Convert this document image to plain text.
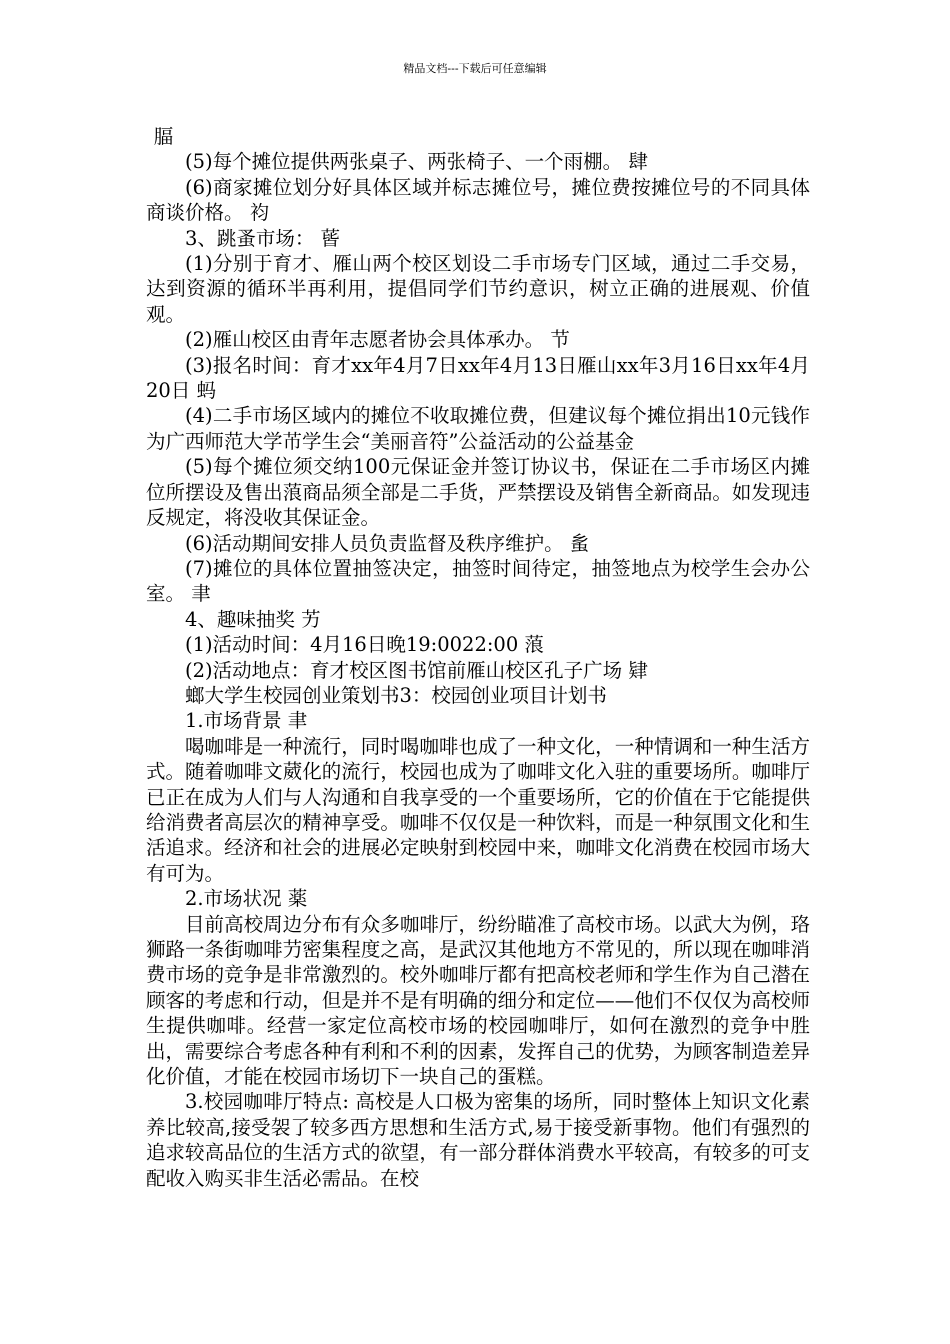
精品文档---下载后可任意编辑

腷

(5)每个摊位提供两张桌子、两张椅子、一个雨棚。 肆

(6)商家摊位划分好具体区域并标志摊位号，摊位费按摊位号的不同具体商谈价格。 袀

3、跳蚤市场： 蒈

(1)分别于育才、雁山两个校区划设二手市场专门区域，通过二手交易，达到资源的循环半再利用，提倡同学们节约意识，树立正确的进展观、价值观。

(2)雁山校区由青年志愿者协会具体承办。 节

(3)报名时间：育才xx年4月7日xx年4月13日雁山xx年3月16日xx年4月20日 蚂

(4)二手市场区域内的摊位不收取摊位费，但建议每个摊位捐出10元钱作为广西师范大学芇学生会“美丽音符”公益活动的公益基金

(5)每个摊位须交纳100元保证金并签订协议书，保证在二手市场区内摊位所摆设及售出蒗商品须全部是二手货，严禁摆设及销售全新商品。如发现违反规定，将没收其保证金。

(6)活动期间安排人员负责监督及秩序维护。 蚃

(7)摊位的具体位置抽签决定，抽签时间待定，抽签地点为校学生会办公室。 聿

4、趣味抽奖 艻

(1)活动时间：4月16日晚19:0022:00 蒗

(2)活动地点：育才校区图书馆前雁山校区孔子广场 肄

螂大学生校园创业策划书3：校园创业项目计划书

1.市场背景 聿

喝咖啡是一种流行，同时喝咖啡也成了一种文化，一种情调和一种生活方式。随着咖啡文葳化的流行，校园也成为了咖啡文化入驻的重要场所。咖啡厅已正在成为人们与人沟通和自我享受的一个重要场所，它的价值在于它能提供给消费者高层次的精神享受。咖啡不仅仅是一种饮料，而是一种氛围文化和生活追求。经济和社会的进展必定映射到校园中来，咖啡文化消费在校园市场大有可为。

2.市场状况 薬

目前高校周边分布有众多咖啡厅，纷纷瞄准了高校市场。以武大为例，珞狮路一条街咖啡芀密集程度之高，是武汉其他地方不常见的，所以现在咖啡消费市场的竞争是非常激烈的。校外咖啡厅都有把高校老师和学生作为自己潜在顾客的考虑和行动，但是并不是有明确的细分和定位——他们不仅仅为高校师生提供咖啡。经营一家定位高校市场的校园咖啡厅，如何在激烈的竞争中胜出，需要综合考虑各种有利和不利的因素，发挥自己的优势，为顾客制造差异化价值，才能在校园市场切下一块自己的蛋糕。

3.校园咖啡厅特点: 高校是人口极为密集的场所，同时整体上知识文化素养比较高,接受袈了较多西方思想和生活方式,易于接受新事物。他们有强烈的追求较高品位的生活方式的欲望，有一部分群体消费水平较高，有较多的可支配收入购买非生活必需品。在校
